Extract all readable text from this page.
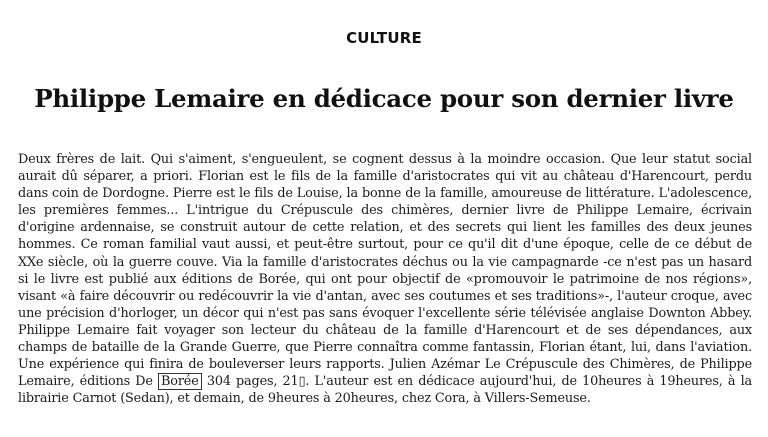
CULTURE
Philippe Lemaire en dédicace pour son dernier livre

Deux frères de lait. Qui s'aiment, s'engueulent, se cognent dessus à la moindre occasion. Que leur statut social aurait dû séparer, a priori. Florian est le fils de la famille d'aristocrates qui vit au château d'Harencourt, perdu dans coin de Dordogne. Pierre est le fils de Louise, la bonne de la famille, amoureuse de littérature. L'adolescence, les premières femmes... L'intrigue du Crépuscule des chimères, dernier livre de Philippe Lemaire, écrivain d'origine ardennaise, se construit autour de cette relation, et des secrets qui lient les familles des deux jeunes hommes. Ce roman familial vaut aussi, et peut-être surtout, pour ce qu'il dit d'une époque, celle de ce début de XXe siècle, où la guerre couve. Via la famille d'aristocrates déchus ou la vie campagnarde -ce n'est pas un hasard si le livre est publié aux éditions de Borée, qui ont pour objectif de «promouvoir le patrimoine de nos régions», visant «à faire découvrir ou redécouvrir la vie d'antan, avec ses coutumes et ses traditions»-, l'auteur croque, avec une précision d'horloger, un décor qui n'est pas sans évoquer l'excellente série télévisée anglaise Downton Abbey. Philippe Lemaire fait voyager son lecteur du château de la famille d'Harencourt et de ses dépendances, aux champs de bataille de la Grande Guerre, que Pierre connaîtra comme fantassin, Florian étant, lui, dans l'aviation. Une expérience qui finira de bouleverser leurs rapports. Julien Azémar Le Crépuscule des Chimères, de Philippe Lemaire, éditions De Borée 304 pages, 21▯. L'auteur est en dédicace aujourd'hui, de 10heures à 19heures, à la librairie Carnot (Sedan), et demain, de 9heures à 20heures, chez Cora, à Villers-Semeuse.
